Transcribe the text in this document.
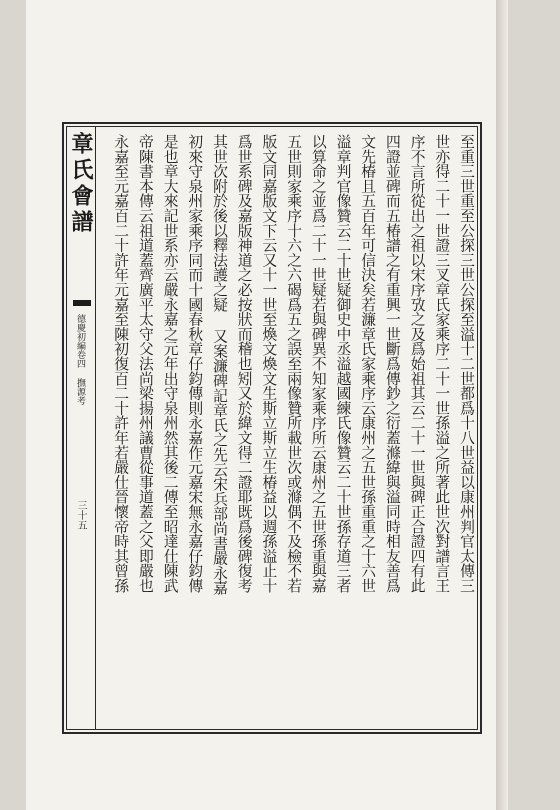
章氏會譜
德慶初編卷四 撫源考
三十五	至重三世重至公探三世公探至溢十二世都爲十八世益以康州判官太傳三
世亦得二十一世證三叉章氏家乘序二十一世孫溢之所著此世次對譜言王
序不言所從出之祖以宋序攷之及爲始祖其云二十一世與碑正合證四有此
四證並碑而五椿譜之有重興一世斷爲傳鈔之衍蓋滌緯與溢同時相友善爲
文先椿且五百年可信決矣若濂章氏家乘序云康州之五世孫重重之十六世
溢章判官像贊云二十世疑御史中丞溢越國練氏像贊云二十世孫存道三者
以算命之並爲二十一世疑若與碑異不知家乘序所云康州之五世孫重與嘉
五世則家乘序十六之六碣爲五之誤至兩像贊所載世次或滌偶不及檢不若
版文同嘉版文下云又十一世至煥文煥文生斯立斯立生椿益以週孫溢止十
爲世系碑及嘉版神道之必按狀而稽也矧又於緯文得二證耶既爲後碑復考
其世次附於後以釋法護之疑 又案濂碑記章氏之先云宋兵部尚書嚴永嘉
初來守泉州家乘序同而十國春秋章仔鈞傳則永嘉作元嘉宋無永嘉仔鈞傳
是也章大來記世系亦云嚴永嘉之元年出守泉州然其後二傳至昭達仕陳武
帝陳書本傳云祖道蓋齊廣平太守父法尚梁揚州議曹從事道蓋之父即嚴也
永嘉至元嘉百二十許年元嘉至陳初復百二十許年若嚴仕晉懷帝時其曾孫
